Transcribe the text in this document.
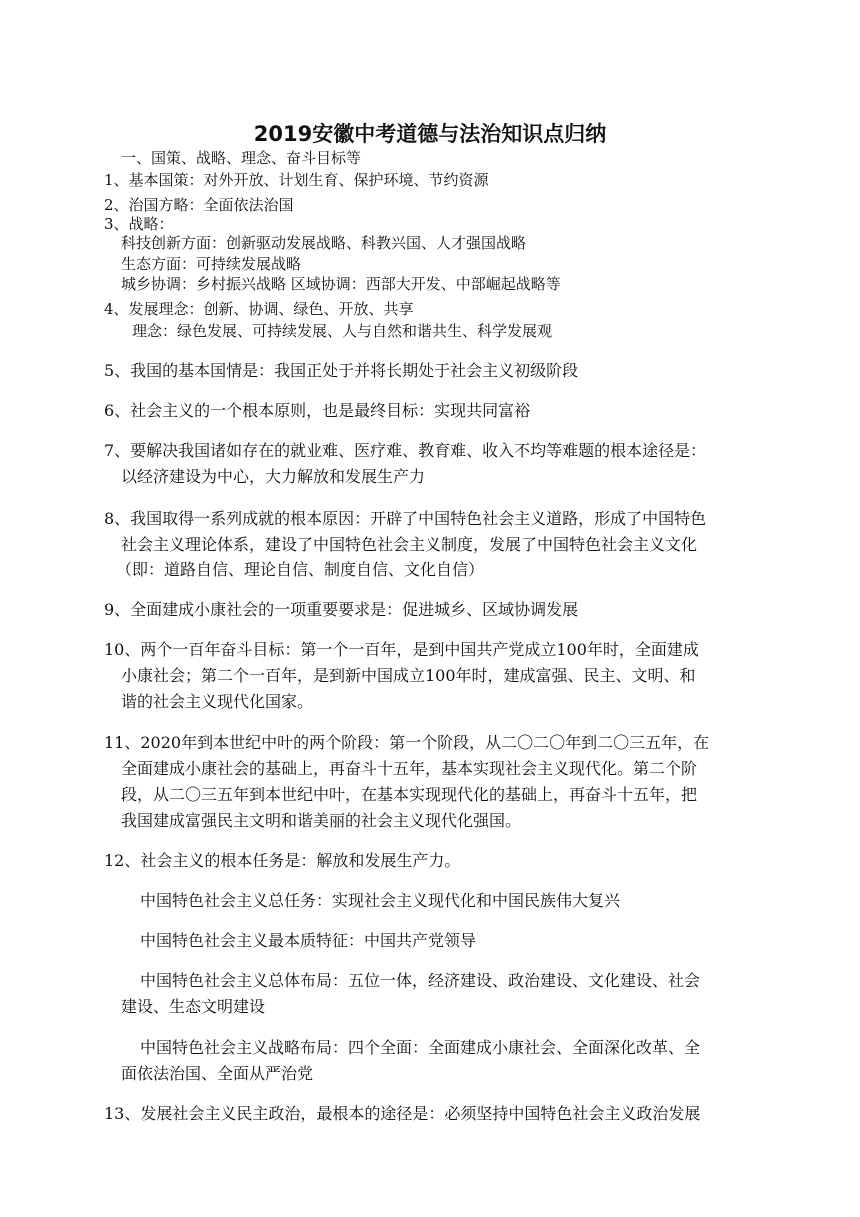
2019安徽中考道德与法治知识点归纳
一、国策、战略、理念、奋斗目标等
1、基本国策：对外开放、计划生育、保护环境、节约资源
2、治国方略：全面依法治国
3、战略：
科技创新方面：创新驱动发展战略、科教兴国、人才强国战略
生态方面：可持续发展战略
城乡协调：乡村振兴战略 区域协调：西部大开发、中部崛起战略等
4、发展理念：创新、协调、绿色、开放、共享
理念：绿色发展、可持续发展、人与自然和谐共生、科学发展观
5、我国的基本国情是：我国正处于并将长期处于社会主义初级阶段
6、社会主义的一个根本原则，也是最终目标：实现共同富裕
7、要解决我国诸如存在的就业难、医疗难、教育难、收入不均等难题的根本途径是：
以经济建设为中心，大力解放和发展生产力
8、我国取得一系列成就的根本原因：开辟了中国特色社会主义道路，形成了中国特色
社会主义理论体系，建设了中国特色社会主义制度，发展了中国特色社会主义文化
（即：道路自信、理论自信、制度自信、文化自信）
9、全面建成小康社会的一项重要要求是：促进城乡、区域协调发展
10、两个一百年奋斗目标：第一个一百年，是到中国共产党成立100年时，全面建成
小康社会；第二个一百年，是到新中国成立100年时，建成富强、民主、文明、和
谐的社会主义现代化国家。
11、2020年到本世纪中叶的两个阶段：第一个阶段，从二〇二〇年到二〇三五年，在
全面建成小康社会的基础上，再奋斗十五年，基本实现社会主义现代化。第二个阶
段，从二〇三五年到本世纪中叶，在基本实现现代化的基础上，再奋斗十五年，把
我国建成富强民主文明和谐美丽的社会主义现代化强国。
12、社会主义的根本任务是：解放和发展生产力。
中国特色社会主义总任务：实现社会主义现代化和中国民族伟大复兴
中国特色社会主义最本质特征：中国共产党领导
中国特色社会主义总体布局：五位一体，经济建设、政治建设、文化建设、社会
建设、生态文明建设
中国特色社会主义战略布局：四个全面：全面建成小康社会、全面深化改革、全
面依法治国、全面从严治党
13、发展社会主义民主政治，最根本的途径是：必须坚持中国特色社会主义政治发展
